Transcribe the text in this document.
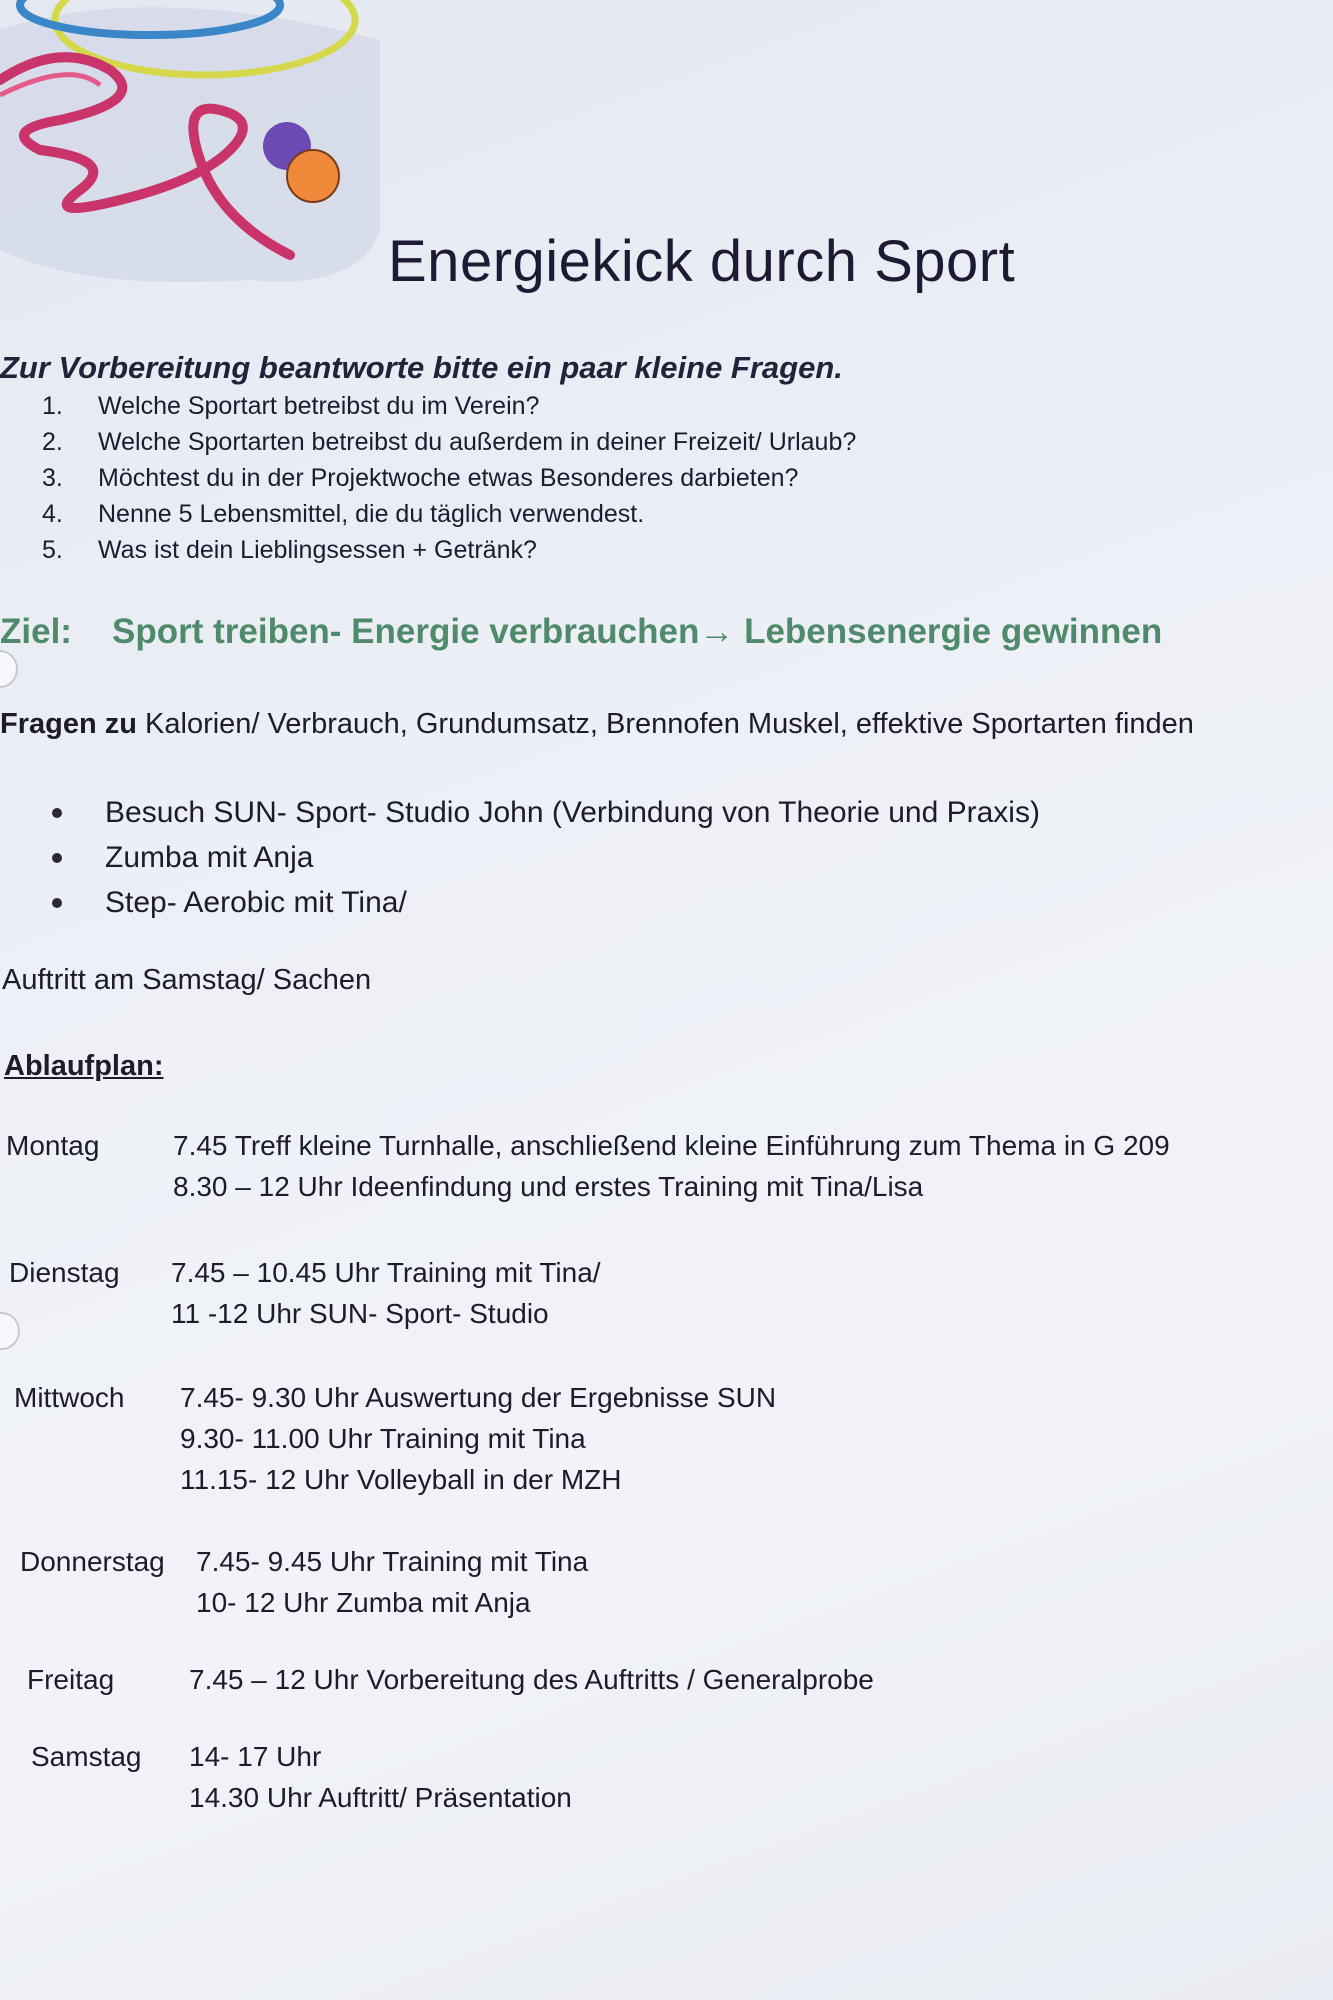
Energiekick durch Sport
Zur Vorbereitung beantworte bitte ein paar kleine Fragen.
1.	Welche Sportart betreibst du im Verein?
2.	Welche Sportarten betreibst du außerdem in deiner Freizeit/ Urlaub?
3.	Möchtest du in der Projektwoche etwas Besonderes darbieten?
4.	Nenne 5 Lebensmittel, die du täglich verwendest.
5.	Was ist dein Lieblingsessen + Getränk?
Ziel: Sport treiben- Energie verbrauchen→ Lebensenergie gewinnen
Fragen zu Kalorien/ Verbrauch, Grundumsatz, Brennofen Muskel, effektive Sportarten finden
Besuch SUN- Sport- Studio John (Verbindung von Theorie und Praxis)
Zumba mit Anja
Step- Aerobic mit Tina/
Auftritt am Samstag/ Sachen
Ablaufplan:
Montag	7.45 Treff kleine Turnhalle, anschließend kleine Einführung zum Thema in G 209
8.30 – 12 Uhr Ideenfindung und erstes Training mit Tina/Lisa
Dienstag 7.45 – 10.45 Uhr Training mit Tina/
11 -12 Uhr SUN- Sport- Studio
Mittwoch 7.45- 9.30 Uhr Auswertung der Ergebnisse SUN
9.30- 11.00 Uhr Training mit Tina
11.15- 12 Uhr Volleyball in der MZH
Donnerstag 7.45- 9.45 Uhr Training mit Tina
10- 12 Uhr Zumba mit Anja
Freitag	7.45 – 12 Uhr Vorbereitung des Auftritts / Generalprobe
Samstag 14- 17 Uhr
14.30 Uhr Auftritt/ Präsentation
